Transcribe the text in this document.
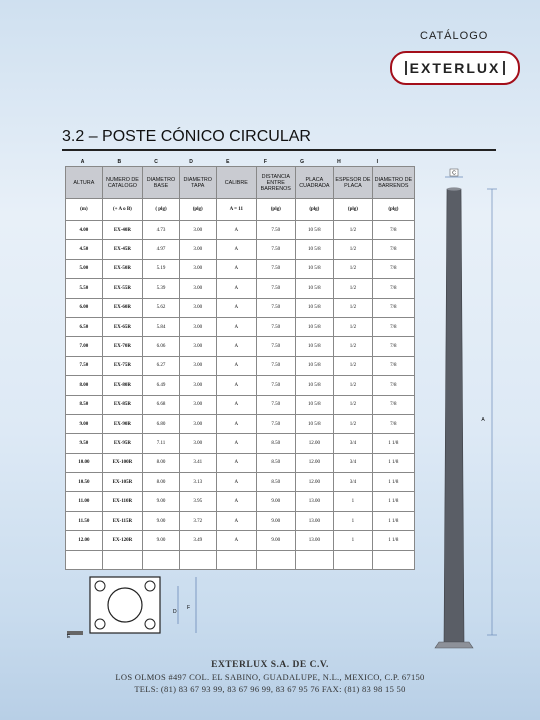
CATÁLOGO
EXTERLUX
3.2 – POSTE CÓNICO CIRCULAR
A	B	C	D	E	F	G	H	I
ALTURA	NUMERO DE CATALOGO	DIAMETRO BASE	DIAMETRO TAPA	CALIBRE	DISTANCIA ENTRE BARRENOS	PLACA CUADRADA	ESPESOR DE PLACA	DIAMETRO DE BARRENOS
(m)	(+ A o B)	( plg)	(plg)	A = 11	(plg)	(plg)	(plg)	(plg)
4.00	EX-40R	4.73	3.00	A	7.50	10 5/8	1/2	7/8
4.50	EX-45R	4.97	3.00	A	7.50	10 5/8	1/2	7/8
5.00	EX-50R	5.19	3.00	A	7.50	10 5/8	1/2	7/8
5.50	EX-55R	5.39	3.00	A	7.50	10 5/8	1/2	7/8
6.00	EX-60R	5.62	3.00	A	7.50	10 5/8	1/2	7/8
6.50	EX-65R	5.84	3.00	A	7.50	10 5/8	1/2	7/8
7.00	EX-70R	6.06	3.00	A	7.50	10 5/8	1/2	7/8
7.50	EX-75R	6.27	3.00	A	7.50	10 5/8	1/2	7/8
8.00	EX-80R	6.49	3.00	A	7.50	10 5/8	1/2	7/8
8.50	EX-85R	6.68	3.00	A	7.50	10 5/8	1/2	7/8
9.00	EX-90R	6.80	3.00	A	7.50	10 5/8	1/2	7/8
9.50	EX-95R	7.11	3.00	A	8.50	12.00	3/4	1 1/8
10.00	EX-100R	8.00	3.41	A	8.50	12.00	3/4	1 1/8
10.50	EX-105R	8.00	3.13	A	8.50	12.00	3/4	1 1/8
11.00	EX-110R	9.00	3.95	A	9.00	13.00	1	1 1/8
11.50	EX-115R	9.00	3.72	A	9.00	13.00	1	1 1/8
12.00	EX-120R	9.00	3.49	A	9.00	13.00	1	1 1/8

C
A
D
F
E
EXTERLUX S.A. DE C.V.
LOS OLMOS #497 COL. EL SABINO, GUADALUPE, N.L., MEXICO, C.P. 67150
TELS: (81) 83 67 93 99, 83 67 96 99, 83 67 95 76 FAX: (81) 83 98 15 50
